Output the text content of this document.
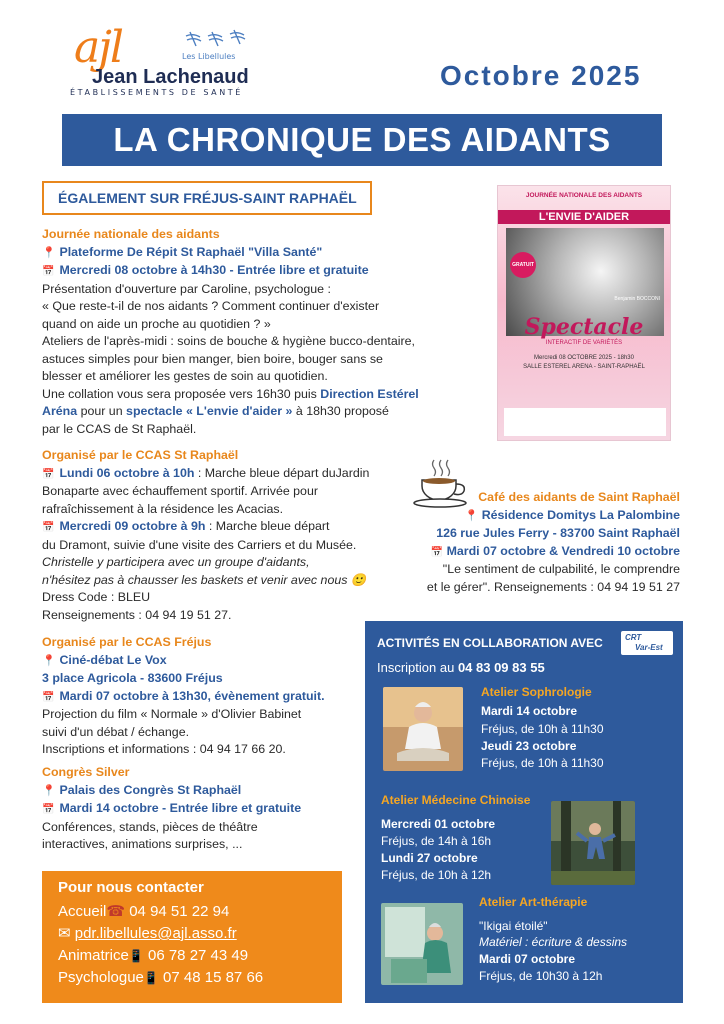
ajl	Les Libellules
Jean Lachenaud
ÉTABLISSEMENTS DE SANTÉ
Octobre 2025
LA CHRONIQUE DES AIDANTS
ÉGALEMENT SUR FRÉJUS-SAINT RAPHAËL
Journée nationale des aidants
📍 Plateforme De Répit St Raphaël "Villa Santé"
📅 Mercredi 08 octobre à 14h30 - Entrée libre et gratuite
Présentation d'ouverture par Caroline, psychologue :
« Que reste-t-il de nos aidants ? Comment continuer d'exister
quand on aide un proche au quotidien ? »
Ateliers de l'après-midi : soins de bouche & hygiène bucco-dentaire,
astuces simples pour bien manger, bien boire, bouger sans se
blesser et améliorer les gestes de soin au quotidien.
Une collation vous sera proposée vers 16h30 puis Direction Estérel
Aréna pour un spectacle « L'envie d'aider » à 18h30 proposé
par le CCAS de St Raphaël.
JOURNÉE NATIONALE DES AIDANTS
L'ENVIE D'AIDER
GRATUIT
Benjamin BOCCONI
Spectacle
INTERACTIF DE VARIÉTÉS
Mercredi 08 OCTOBRE 2025 - 18h30
SALLE ESTEREL ARENA - SAINT-RAPHAËL
Organisé par le CCAS St Raphaël
📅 Lundi 06 octobre à 10h : Marche bleue départ duJardin
Bonaparte avec échauffement sportif. Arrivée pour
rafraîchissement à la résidence les Acacias.
📅 Mercredi 09 octobre à 9h : Marche bleue départ
du Dramont, suivie d'une visite des Carriers et du Musée.
Christelle y participera avec un groupe d'aidants,
n'hésitez pas à chausser les baskets et venir avec nous 🙂
Dress Code : BLEU
Renseignements : 04 94 19 51 27.
Café des aidants de Saint Raphaël
📍 Résidence Domitys La Palombine
126 rue Jules Ferry - 83700 Saint Raphaël
📅 Mardi 07 octobre & Vendredi 10 octobre
"Le sentiment de culpabilité, le comprendre
et le gérer". Renseignements : 04 94 19 51 27
Organisé par le CCAS Fréjus
📍 Ciné-débat Le Vox
3 place Agricola - 83600 Fréjus
📅 Mardi 07 octobre à 13h30, évènement gratuit.
Projection du film « Normale » d'Olivier Babinet
suivi d'un débat / échange.
Inscriptions et informations : 04 94 17 66 20.
Congrès Silver
📍 Palais des Congrès St Raphaël
📅 Mardi 14 octobre - Entrée libre et gratuite
Conférences, stands, pièces de théâtre
interactives, animations surprises, ...
ACTIVITÉS EN COLLABORATION AVEC	CRT
Var-Est
Inscription au 04 83 09 83 55
Atelier Sophrologie
Mardi 14 octobre
Fréjus, de 10h à 11h30
Jeudi 23 octobre
Fréjus, de 10h à 11h30
Atelier Médecine Chinoise
Mercredi 01 octobre
Fréjus, de 14h à 16h
Lundi 27 octobre
Fréjus, de 10h à 12h
Atelier Art-thérapie
"Ikigai étoilé"
Matériel : écriture & dessins
Mardi 07 octobre
Fréjus, de 10h30 à 12h
Pour nous contacter
Accueil☎ 04 94 51 22 94
✉ pdr.libellules@ajl.asso.fr
Animatrice📱 06 78 27 43 49
Psychologue📱 07 48 15 87 66
